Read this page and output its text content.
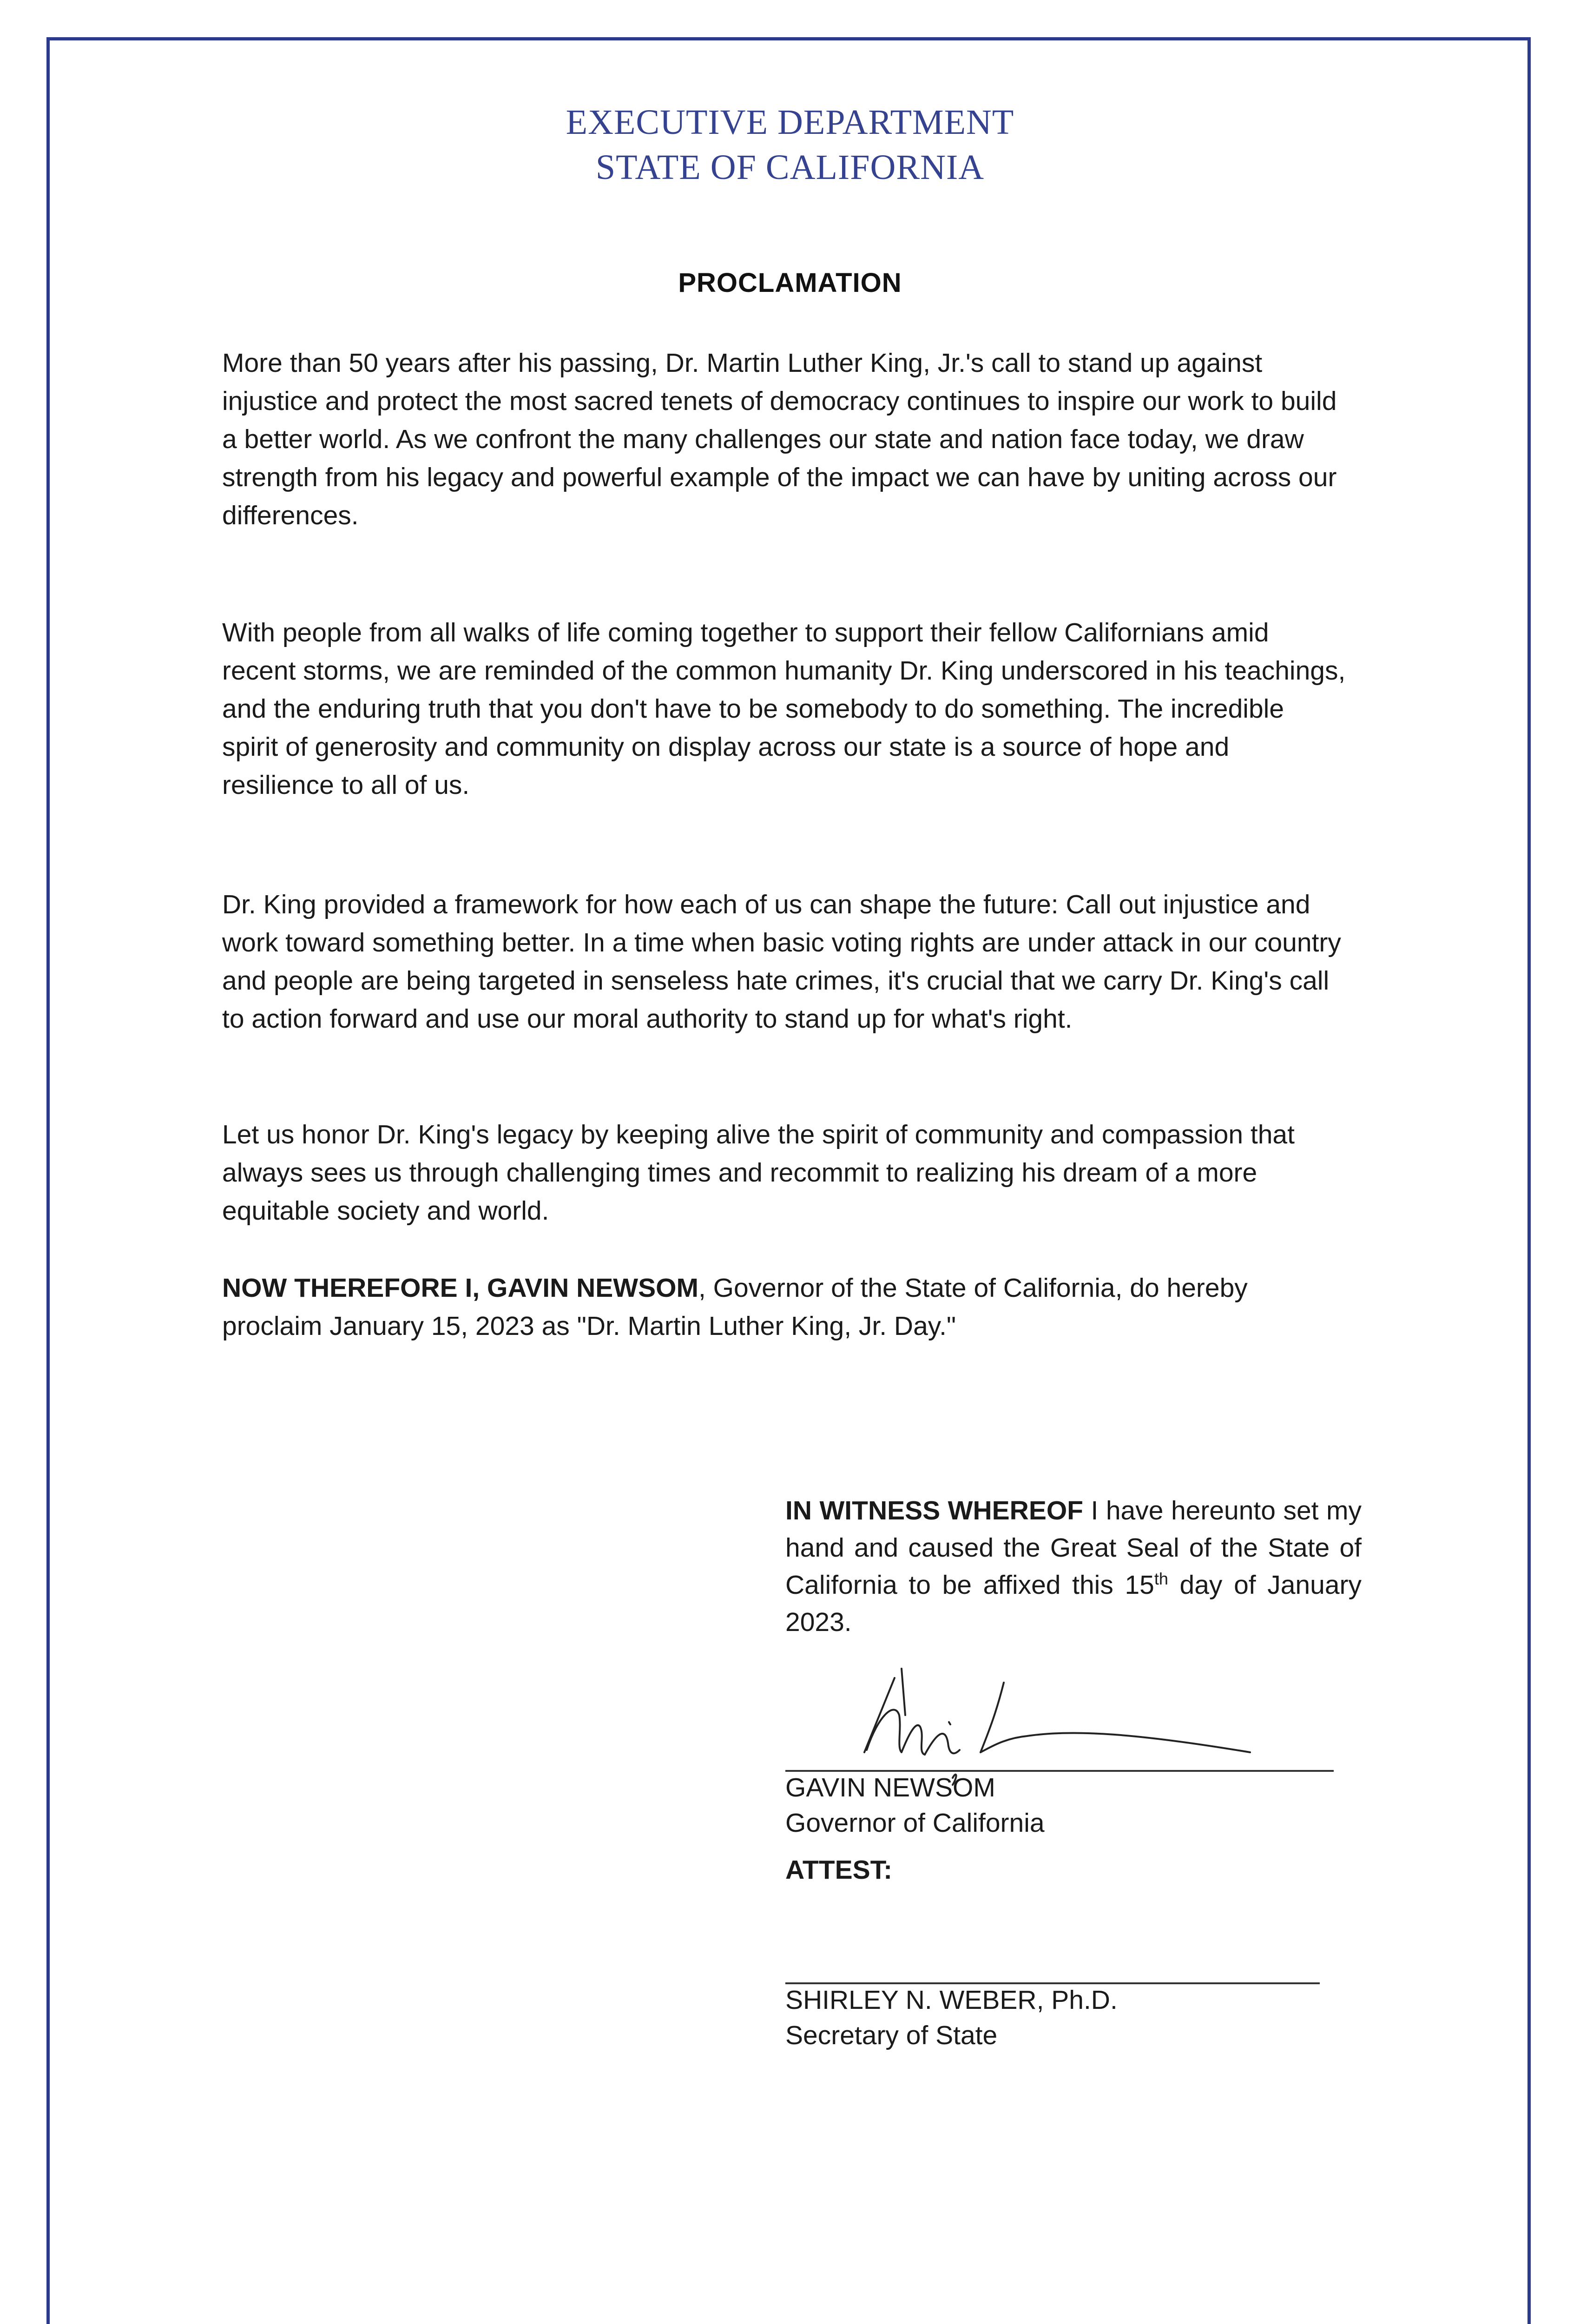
EXECUTIVE DEPARTMENT
STATE OF CALIFORNIA
PROCLAMATION

More than 50 years after his passing, Dr. Martin Luther King, Jr.'s call to stand up against injustice and protect the most sacred tenets of democracy continues to inspire our work to build a better world. As we confront the many challenges our state and nation face today, we draw strength from his legacy and powerful example of the impact we can have by uniting across our differences.

With people from all walks of life coming together to support their fellow Californians amid recent storms, we are reminded of the common humanity Dr. King underscored in his teachings, and the enduring truth that you don't have to be somebody to do something. The incredible spirit of generosity and community on display across our state is a source of hope and resilience to all of us.

Dr. King provided a framework for how each of us can shape the future: Call out injustice and work toward something better. In a time when basic voting rights are under attack in our country and people are being targeted in senseless hate crimes, it's crucial that we carry Dr. King's call to action forward and use our moral authority to stand up for what's right.

Let us honor Dr. King's legacy by keeping alive the spirit of community and compassion that always sees us through challenging times and recommit to realizing his dream of a more equitable society and world.

NOW THEREFORE I, GAVIN NEWSOM, Governor of the State of California, do hereby proclaim January 15, 2023 as "Dr. Martin Luther King, Jr. Day."

IN WITNESS WHEREOF I have hereunto set my hand and caused the Great Seal of the State of California to be affixed this 15th day of January 2023.
GAVIN NEWSOM
Governor of California
ATTEST:
SHIRLEY N. WEBER, Ph.D.
Secretary of State
